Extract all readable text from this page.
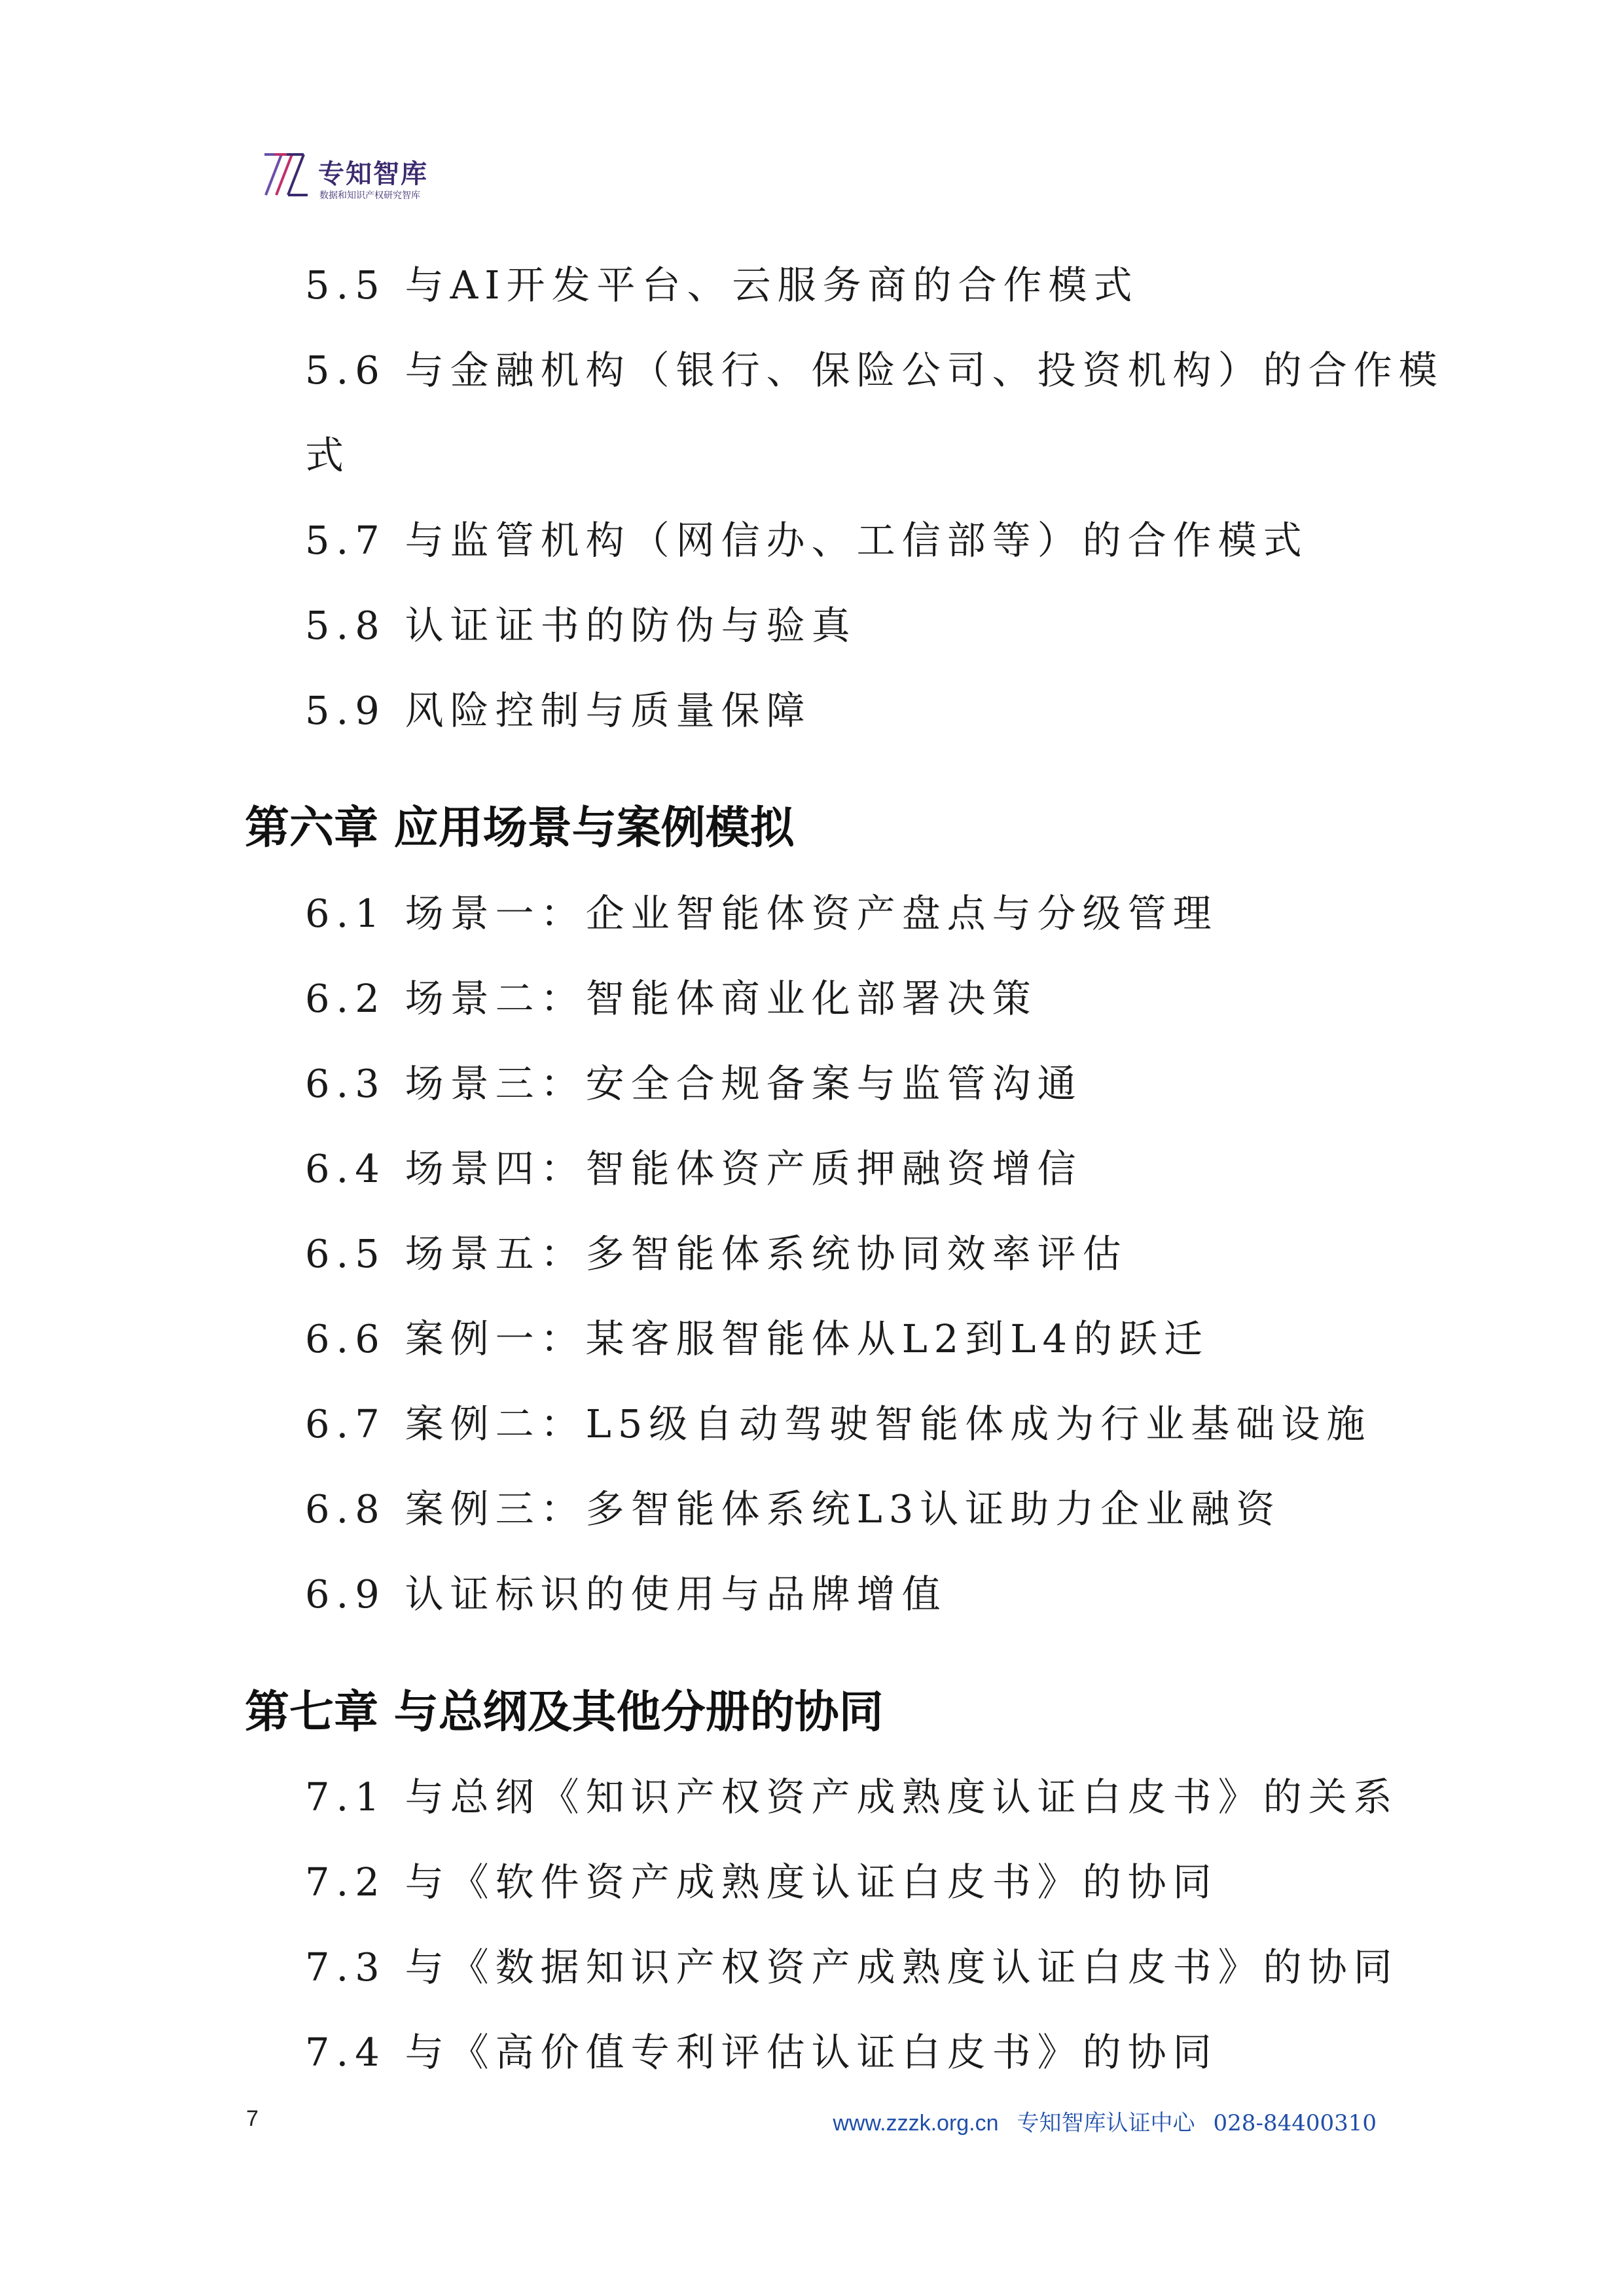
专知智库
数据和知识产权研究智库
5.5 与AI开发平台、云服务商的合作模式
5.6 与金融机构（银行、保险公司、投资机构）的合作模
式
5.7 与监管机构（网信办、工信部等）的合作模式
5.8 认证证书的防伪与验真
5.9 风险控制与质量保障
第六章 应用场景与案例模拟
6.1 场景一：企业智能体资产盘点与分级管理
6.2 场景二：智能体商业化部署决策
6.3 场景三：安全合规备案与监管沟通
6.4 场景四：智能体资产质押融资增信
6.5 场景五：多智能体系统协同效率评估
6.6 案例一：某客服智能体从L2到L4的跃迁
6.7 案例二：L5级自动驾驶智能体成为行业基础设施
6.8 案例三：多智能体系统L3认证助力企业融资
6.9 认证标识的使用与品牌增值
第七章 与总纲及其他分册的协同
7.1 与总纲《知识产权资产成熟度认证白皮书》的关系
7.2 与《软件资产成熟度认证白皮书》的协同
7.3 与《数据知识产权资产成熟度认证白皮书》的协同
7.4 与《高价值专利评估认证白皮书》的协同
7	www.zzzk.org.cn 专知智库认证中心 028-84400310
